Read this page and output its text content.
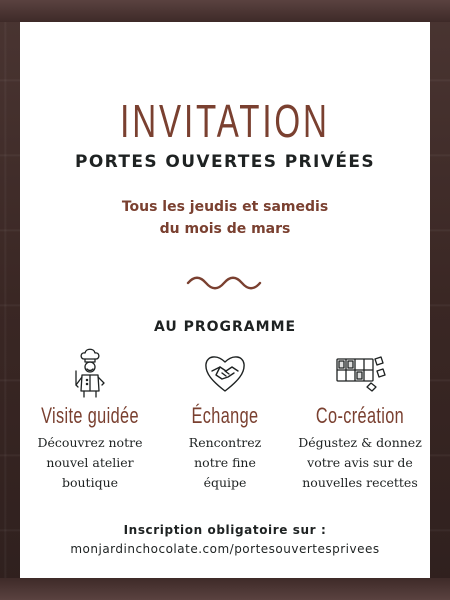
INVITATION
PORTES OUVERTES PRIVÉES

Tous les jeudis et samedis
du mois de mars

AU PROGRAMME
Visite guidée
Découvrez notre
nouvel atelier
boutique
Échange
Rencontrez
notre fine
équipe
Co-création
Dégustez & donnez
votre avis sur de
nouvelles recettes

Inscription obligatoire sur :

monjardinchocolate.com/portesouvertesprivees
